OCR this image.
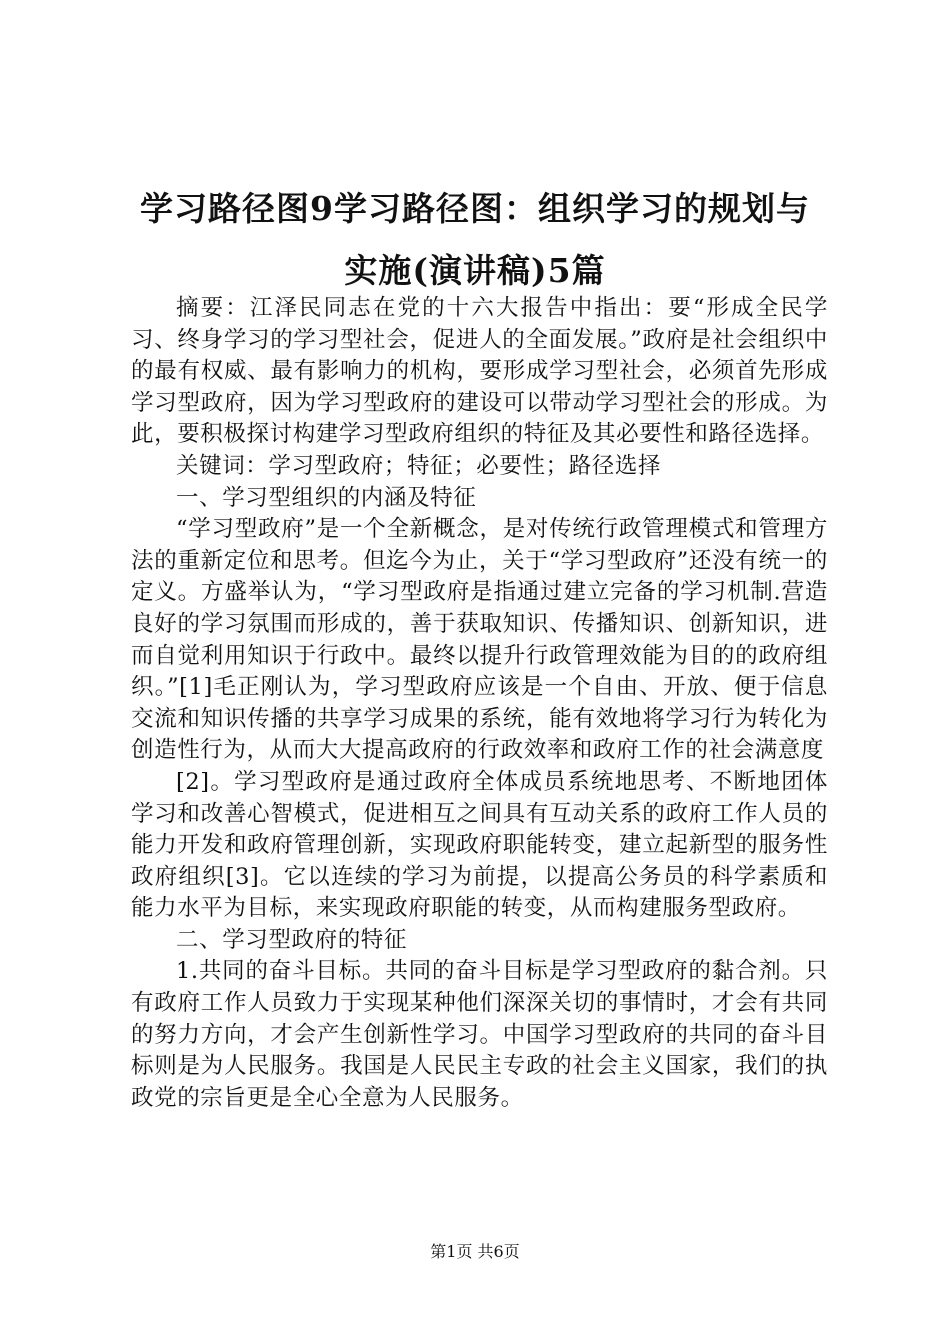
学习路径图9学习路径图：组织学习的规划与
实施(演讲稿)5篇

摘要：江泽民同志在党的十六大报告中指出：要“形成全民学习、终身学习的学习型社会，促进人的全面发展。”政府是社会组织中的最有权威、最有影响力的机构，要形成学习型社会，必须首先形成学习型政府，因为学习型政府的建设可以带动学习型社会的形成。为此，要积极探讨构建学习型政府组织的特征及其必要性和路径选择。

关键词：学习型政府；特征；必要性；路径选择

一、学习型组织的内涵及特征

“学习型政府”是一个全新概念，是对传统行政管理模式和管理方法的重新定位和思考。但迄今为止，关于“学习型政府”还没有统一的定义。方盛举认为，“学习型政府是指通过建立完备的学习机制.营造良好的学习氛围而形成的，善于获取知识、传播知识、创新知识，进而自觉利用知识于行政中。最终以提升行政管理效能为目的的政府组织。”[1]毛正刚认为，学习型政府应该是一个自由、开放、便于信息交流和知识传播的共享学习成果的系统，能有效地将学习行为转化为创造性行为，从而大大提高政府的行政效率和政府工作的社会满意度

[2]。学习型政府是通过政府全体成员系统地思考、不断地团体学习和改善心智模式，促进相互之间具有互动关系的政府工作人员的能力开发和政府管理创新，实现政府职能转变，建立起新型的服务性政府组织[3]。它以连续的学习为前提，以提高公务员的科学素质和能力水平为目标，来实现政府职能的转变，从而构建服务型政府。

二、学习型政府的特征

1.共同的奋斗目标。共同的奋斗目标是学习型政府的黏合剂。只有政府工作人员致力于实现某种他们深深关切的事情时，才会有共同的努力方向，才会产生创新性学习。中国学习型政府的共同的奋斗目标则是为人民服务。我国是人民民主专政的社会主义国家，我们的执政党的宗旨更是全心全意为人民服务。

第1页 共6页
